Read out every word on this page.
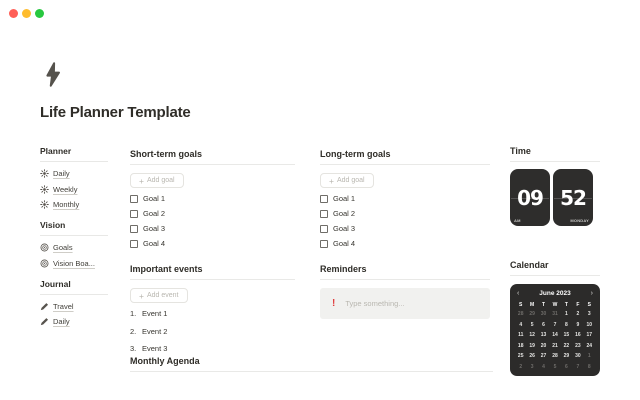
Life Planner Template
Planner
Daily
Weekly
Monthly
Vision
Goals
Vision Boa...
Journal
Travel
Daily
Short-term goals
+ Add goal
Goal 1
Goal 2
Goal 3
Goal 4
Important events
+ Add event
1. Event 1
2. Event 2
3. Event 3
Long-term goals
+ Add goal
Goal 1
Goal 2
Goal 3
Goal 4
Reminders
! Type something...
Time
09
AM
52
MONDAY
Calendar
‹	June 2023	›
S	M	T	W	T	F	S
28	29	30	31	1	2	3
4	5	6	7	8	9	10
11	12	13	14	15	16	17
18	19	20	21	22	23	24
25	26	27	28	29	30	1
2	3	4	5	6	7	8
Monthly Agenda
